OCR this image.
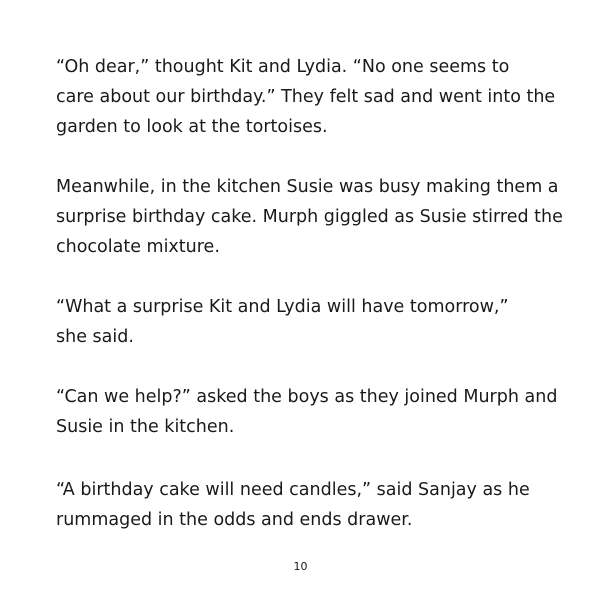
“Oh dear,” thought Kit and Lydia. “No one seems to
care about our birthday.” They felt sad and went into the
garden to look at the tortoises.
Meanwhile, in the kitchen Susie was busy making them a
surprise birthday cake. Murph giggled as Susie stirred the
chocolate mixture.
“What a surprise Kit and Lydia will have tomorrow,”
she said.
“Can we help?” asked the boys as they joined Murph and
Susie in the kitchen.
“A birthday cake will need candles,” said Sanjay as he
rummaged in the odds and ends drawer.
10
